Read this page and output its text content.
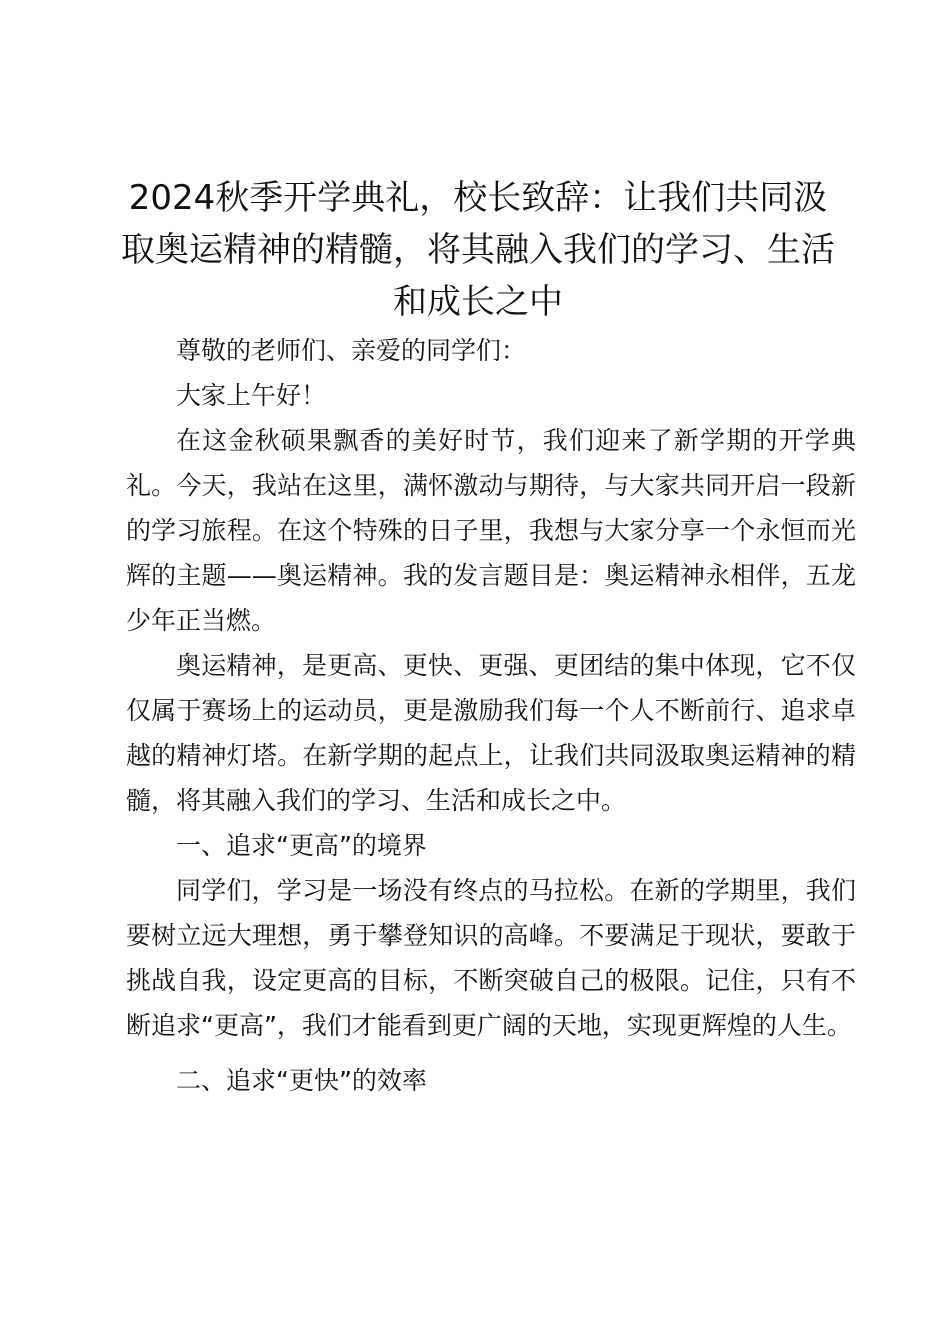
2024秋季开学典礼，校长致辞：让我们共同汲取奥运精神的精髓，将其融入我们的学习、生活和成长之中

尊敬的老师们、亲爱的同学们：

大家上午好！

在这金秋硕果飘香的美好时节，我们迎来了新学期的开学典礼。今天，我站在这里，满怀激动与期待，与大家共同开启一段新的学习旅程。在这个特殊的日子里，我想与大家分享一个永恒而光辉的主题——奥运精神。我的发言题目是：奥运精神永相伴，五龙少年正当燃。

奥运精神，是更高、更快、更强、更团结的集中体现，它不仅仅属于赛场上的运动员，更是激励我们每一个人不断前行、追求卓越的精神灯塔。在新学期的起点上，让我们共同汲取奥运精神的精髓，将其融入我们的学习、生活和成长之中。

一、追求“更高”的境界

同学们，学习是一场没有终点的马拉松。在新的学期里，我们要树立远大理想，勇于攀登知识的高峰。不要满足于现状，要敢于挑战自我，设定更高的目标，不断突破自己的极限。记住，只有不断追求“更高”，我们才能看到更广阔的天地，实现更辉煌的人生。

二、追求“更快”的效率
